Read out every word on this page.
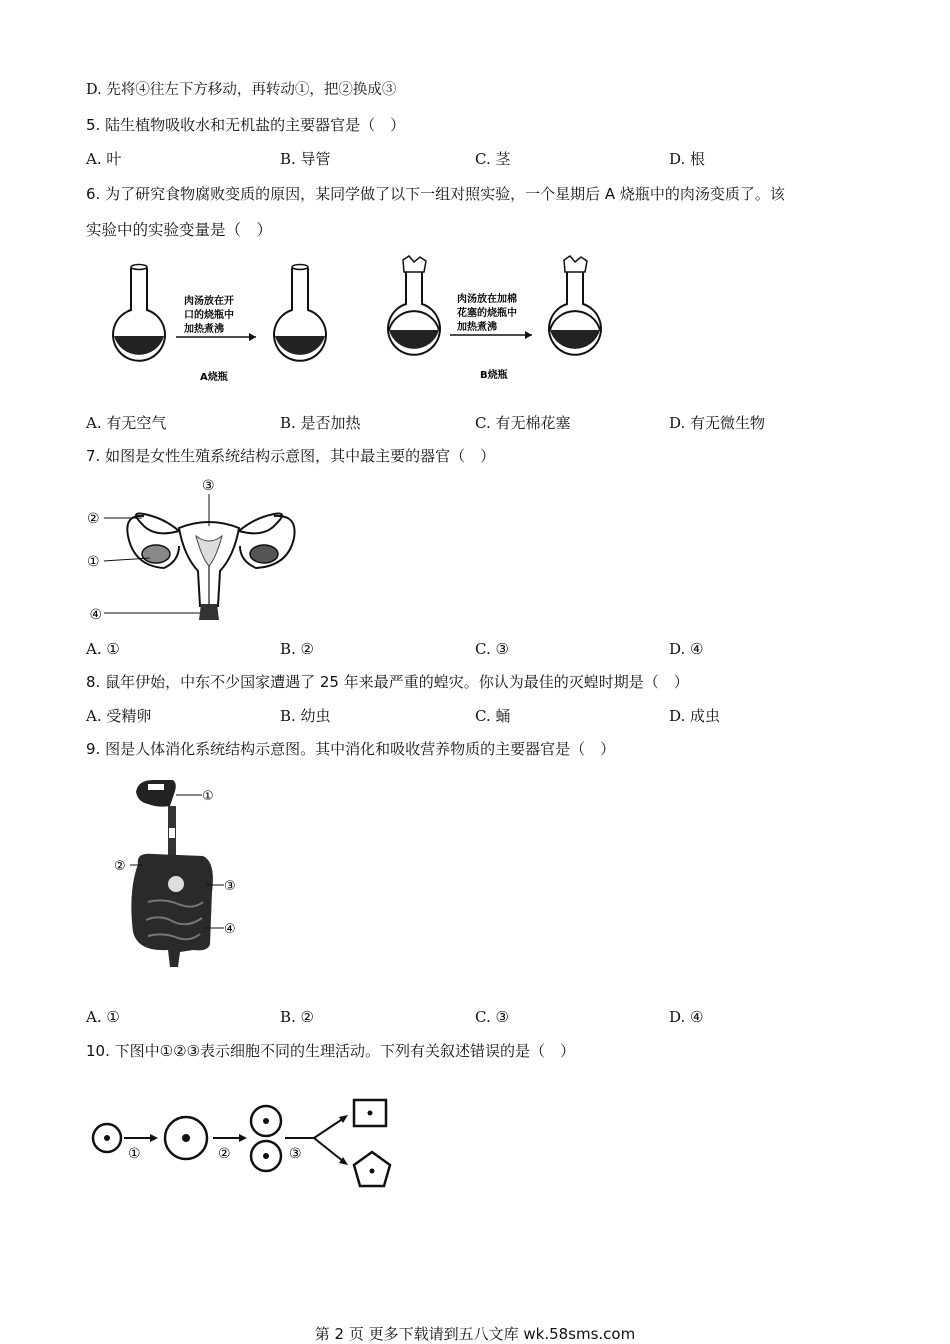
D. 先将④往左下方移动，再转动①，把②换成③
5. 陆生植物吸收水和无机盐的主要器官是（　）
A. 叶	B. 导管	C. 茎	D. 根
6. 为了研究食物腐败变质的原因，某同学做了以下一组对照实验，一个星期后 A 烧瓶中的肉汤变质了。该
实验中的实验变量是（　）
肉汤放在开
口的烧瓶中
加热煮沸
A烧瓶
肉汤放在加棉
花塞的烧瓶中
加热煮沸
B烧瓶
A. 有无空气	B. 是否加热	C. 有无棉花塞	D. 有无微生物
7. 如图是女性生殖系统结构示意图，其中最主要的器官（　）
②
①
③
④
A. ①	B. ②	C. ③	D. ④
8. 鼠年伊始，中东不少国家遭遇了 25 年来最严重的蝗灾。你认为最佳的灭蝗时期是（　）
A. 受精卵	B. 幼虫	C. 蛹	D. 成虫
9. 图是人体消化系统结构示意图。其中消化和吸收营养物质的主要器官是（　）
①
②
③
④
A. ①	B. ②	C. ③	D. ④
10. 下图中①②③表示细胞不同的生理活动。下列有关叙述错误的是（　）
①	②	③
第 2 页 更多下载请到五八文库 wk.58sms.com
